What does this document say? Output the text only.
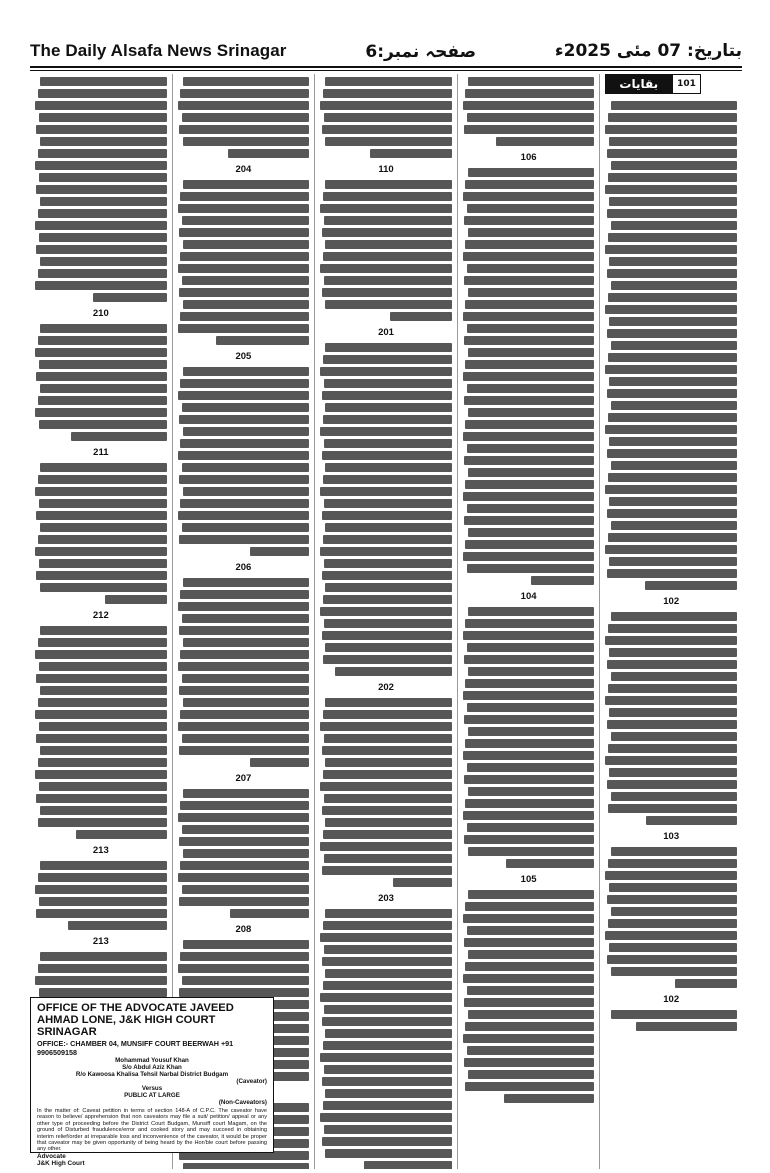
The Daily Alsafa News Srinagar	صفحہ نمبر:6	بتاریخ: 07 مئی 2025ء
بقایات	101
102
103
102
106
104
105
110
201
202
203
204
205
206
207
208
210
211
212
213
213
OFFICE OF THE ADVOCATE JAVEED AHMAD LONE, J&K HIGH COURT SRINAGAR
OFFICE:- CHAMBER 04, MUNSIFF COURT BEERWAH +91 9906509158
Mohammad Yousuf Khan
S/o Abdul Aziz Khan
R/o Kawoosa Khalisa Tehsil Narbal District Budgam
(Caveator)
Versus
PUBLIC AT LARGE
(Non-Caveators)
In the matter of: Caveat petition in terms of section 148-A of C.P.C. The caveator have reason to believe/ apprehension that non caveators may file a suit/ petition/ appeal or any other type of proceeding before the District Court Budgam, Munsiff court Magam, on the ground of Disturbed fraudulence/error and cooked story and may succeed in obtaining interim relief/order at irreparable loss and inconvenience of the caveator, it would be proper that caveator may be given opportunity of being heard by the Hon'ble court before passing any other.
Advocate
J&K High Court
